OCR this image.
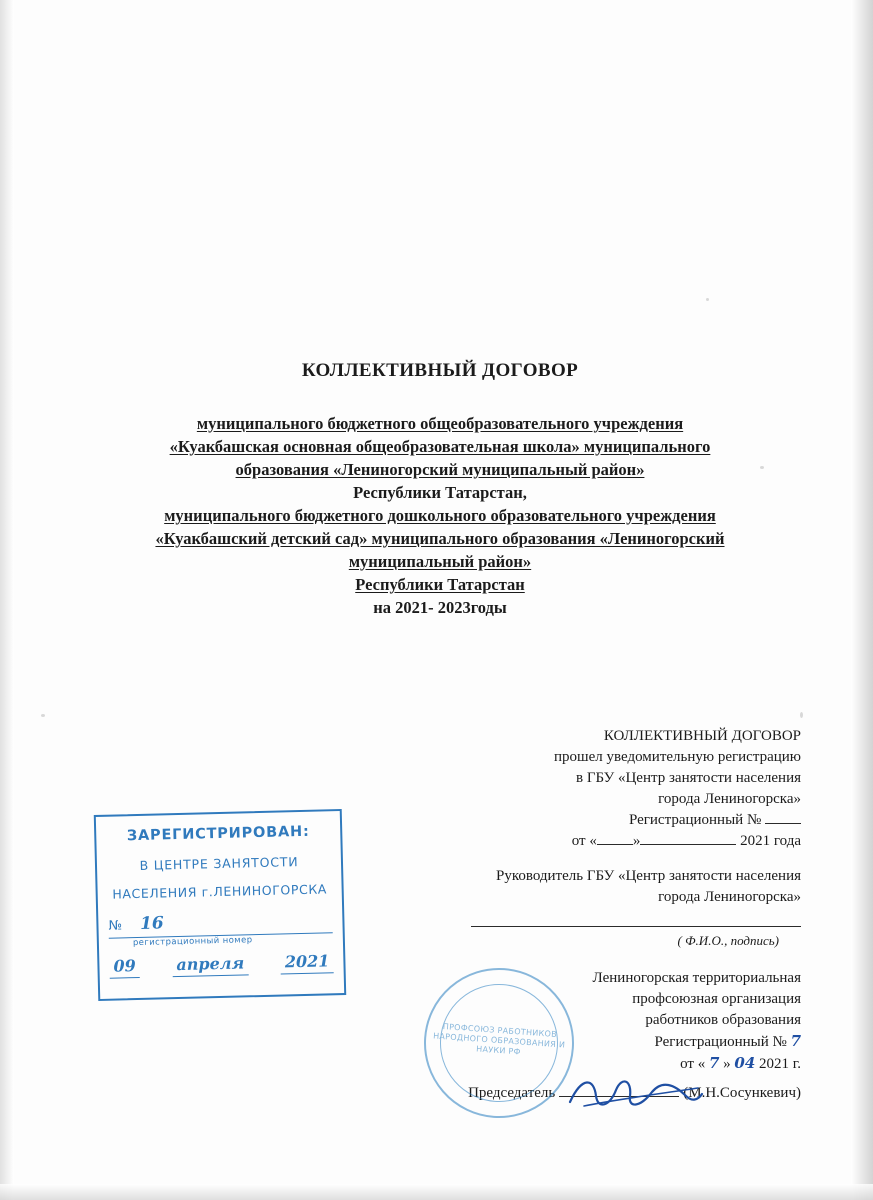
КОЛЛЕКТИВНЫЙ ДОГОВОР
муниципального бюджетного общеобразовательного учреждения
«Куакбашская основная общеобразовательная школа» муниципального
образования «Лениногорский муниципальный район»
Республики Татарстан,
муниципального бюджетного дошкольного образовательного учреждения
«Куакбашский детский сад» муниципального образования «Лениногорский
муниципальный район»
Республики Татарстан
на 2021- 2023годы
КОЛЛЕКТИВНЫЙ ДОГОВОР
прошел уведомительную регистрацию
в ГБУ «Центр занятости населения
города Лениногорска»
Регистрационный №
от « »	2021 года
Руководитель ГБУ «Центр занятости населения города Лениногорска»
( Ф.И.О., подпись)
Лениногорская территориальная
профсоюзная организация
работников образования
Регистрационный № 7
от « 7 » 04 2021 г.
Председатель	(М.Н.Сосункевич)
ЗАРЕГИСТРИРОВАН:
В ЦЕНТРЕ ЗАНЯТОСТИ
НАСЕЛЕНИЯ г.ЛЕНИНОГОРСКА
№ 16
регистрационный номер
09	апреля	2021
ПРОФСОЮЗ РАБОТНИКОВ НАРОДНОГО ОБРАЗОВАНИЯ И НАУКИ РФ
